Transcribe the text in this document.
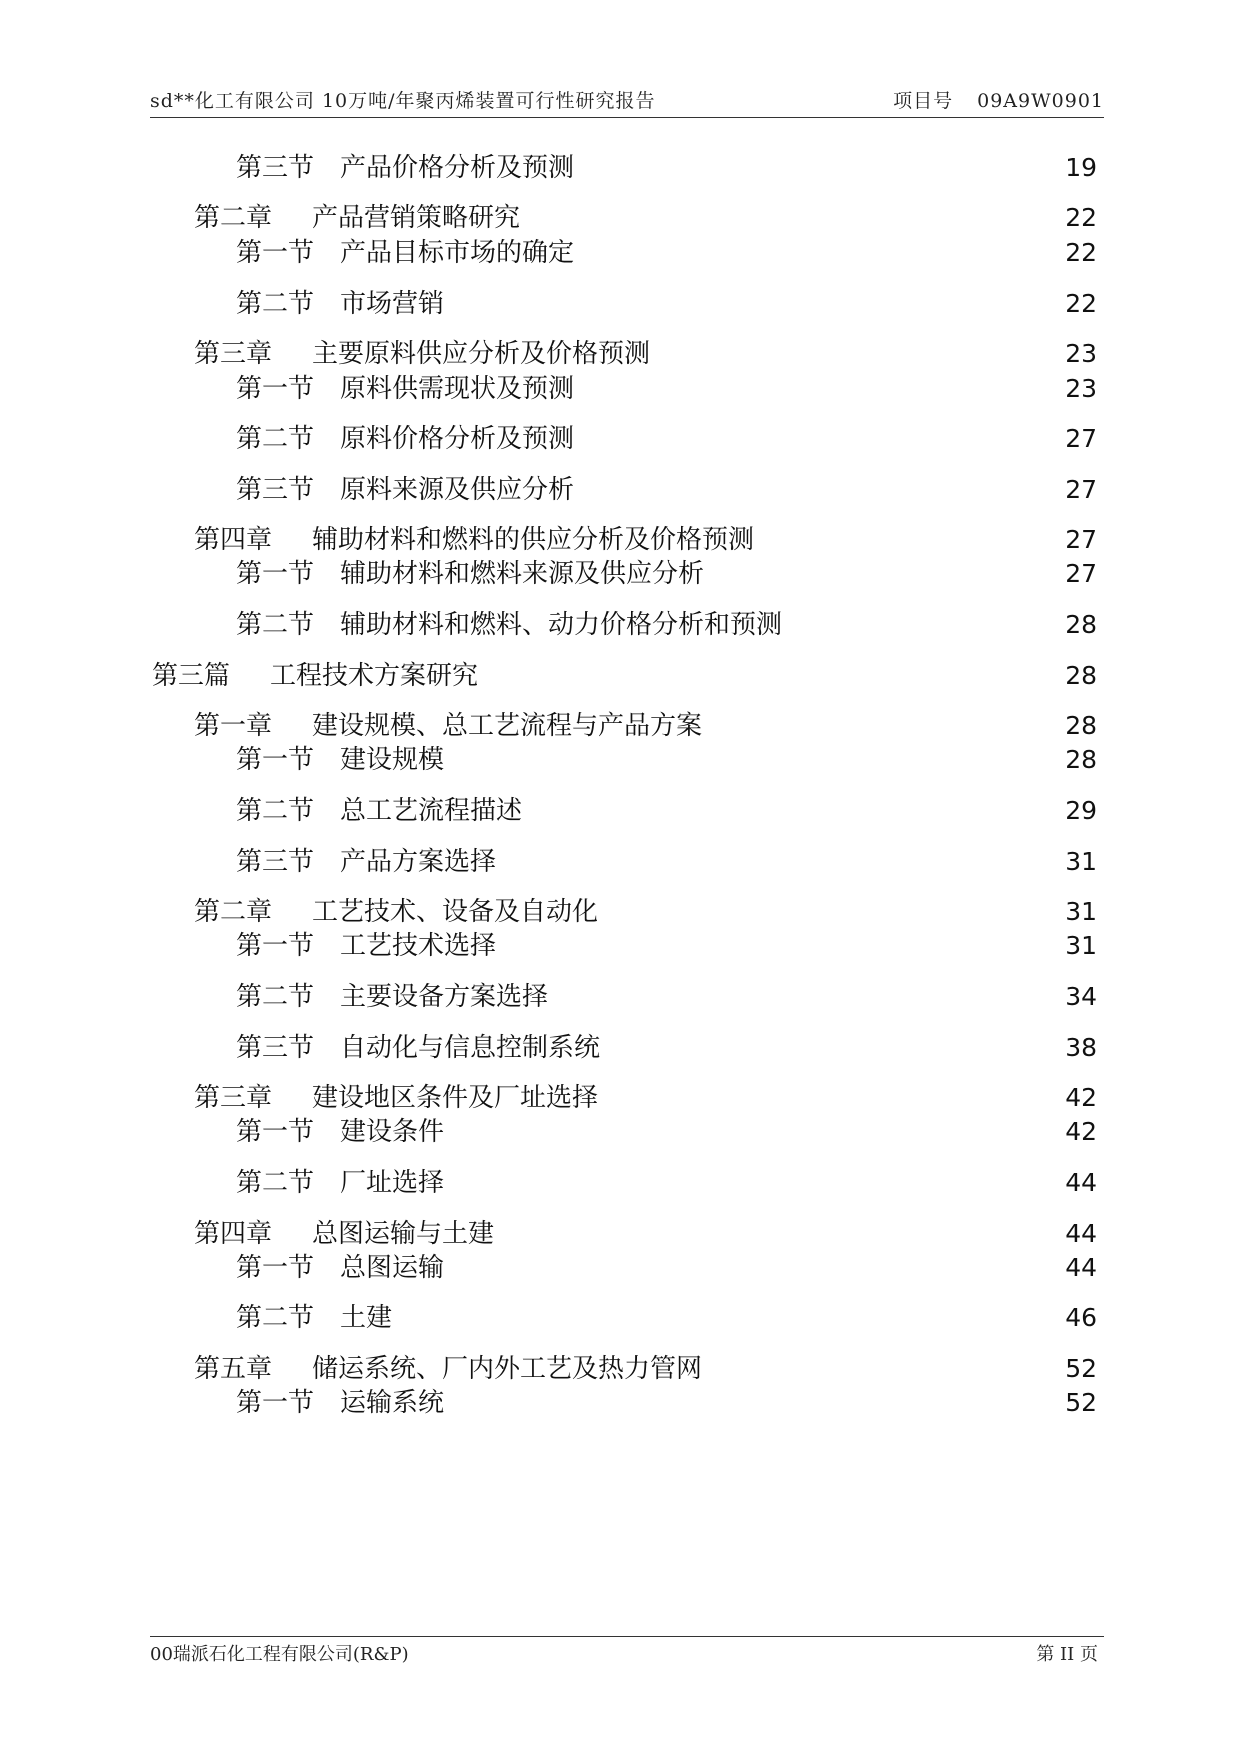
sd**化工有限公司 10万吨/年聚丙烯装置可行性研究报告	项目号 09A9W0901
第三节 产品价格分析及预测	19
第二章	产品营销策略研究	22
第一节 产品目标市场的确定	22
第二节 市场营销	22
第三章	主要原料供应分析及价格预测	23
第一节 原料供需现状及预测	23
第二节 原料价格分析及预测	27
第三节 原料来源及供应分析	27
第四章	辅助材料和燃料的供应分析及价格预测	27
第一节 辅助材料和燃料来源及供应分析	27
第二节 辅助材料和燃料、动力价格分析和预测	28
第三篇	工程技术方案研究	28
第一章	建设规模、总工艺流程与产品方案	28
第一节 建设规模	28
第二节 总工艺流程描述	29
第三节 产品方案选择	31
第二章	工艺技术、设备及自动化	31
第一节 工艺技术选择	31
第二节 主要设备方案选择	34
第三节 自动化与信息控制系统	38
第三章	建设地区条件及厂址选择	42
第一节 建设条件	42
第二节 厂址选择	44
第四章	总图运输与土建	44
第一节 总图运输	44
第二节 土建	46
第五章	储运系统、厂内外工艺及热力管网	52
第一节 运输系统	52
00瑞派石化工程有限公司(R&P)	第 II 页
